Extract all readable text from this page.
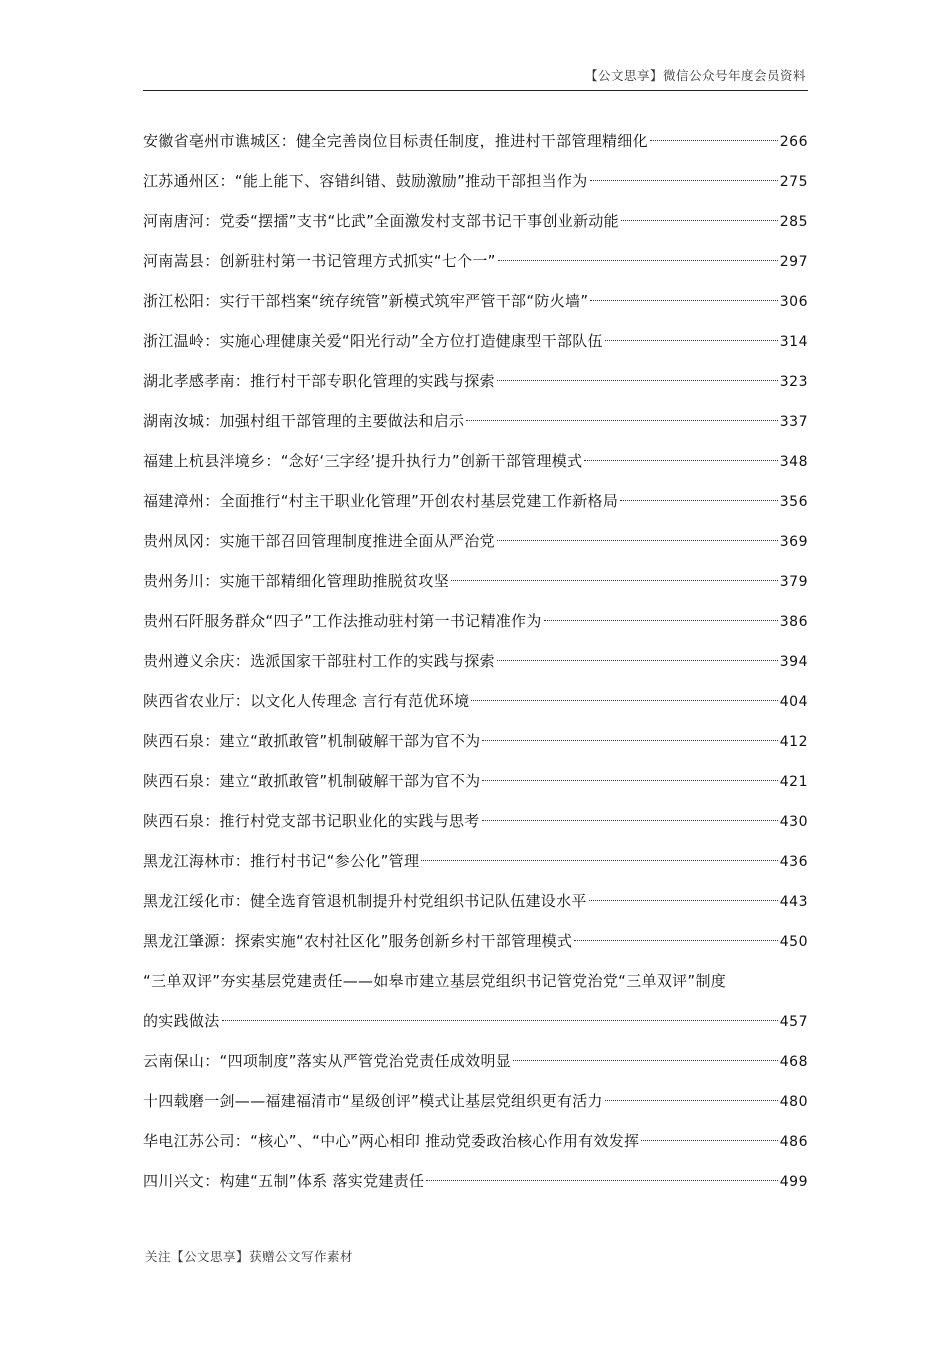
【公文思享】微信公众号年度会员资料
安徽省亳州市谯城区：健全完善岗位目标责任制度，推进村干部管理精细化	266
江苏通州区：“能上能下、容错纠错、鼓励激励”推动干部担当作为	275
河南唐河：党委“摆擂”支书“比武”全面激发村支部书记干事创业新动能	285
河南嵩县：创新驻村第一书记管理方式抓实“七个一”	297
浙江松阳：实行干部档案“统存统管”新模式筑牢严管干部“防火墙”	306
浙江温岭：实施心理健康关爱“阳光行动”全方位打造健康型干部队伍	314
湖北孝感孝南：推行村干部专职化管理的实践与探索	323
湖南汝城：加强村组干部管理的主要做法和启示	337
福建上杭县泮境乡：“念好‘三字经’提升执行力”创新干部管理模式	348
福建漳州：全面推行“村主干职业化管理”开创农村基层党建工作新格局	356
贵州凤冈：实施干部召回管理制度推进全面从严治党	369
贵州务川：实施干部精细化管理助推脱贫攻坚	379
贵州石阡服务群众“四子”工作法推动驻村第一书记精准作为	386
贵州遵义余庆：选派国家干部驻村工作的实践与探索	394
陕西省农业厅：以文化人传理念 言行有范优环境	404
陕西石泉：建立“敢抓敢管”机制破解干部为官不为	412
陕西石泉：建立“敢抓敢管”机制破解干部为官不为	421
陕西石泉：推行村党支部书记职业化的实践与思考	430
黑龙江海林市：推行村书记“参公化”管理	436
黑龙江绥化市：健全选育管退机制提升村党组织书记队伍建设水平	443
黑龙江肇源：探索实施“农村社区化”服务创新乡村干部管理模式	450
“三单双评”夯实基层党建责任——如皋市建立基层党组织书记管党治党“三单双评”制度
的实践做法	457
云南保山：“四项制度”落实从严管党治党责任成效明显	468
十四载磨一剑——福建福清市“星级创评”模式让基层党组织更有活力	480
华电江苏公司：“核心”、“中心”两心相印 推动党委政治核心作用有效发挥	486
四川兴文：构建“五制”体系 落实党建责任	499
关注【公文思享】获赠公文写作素材
